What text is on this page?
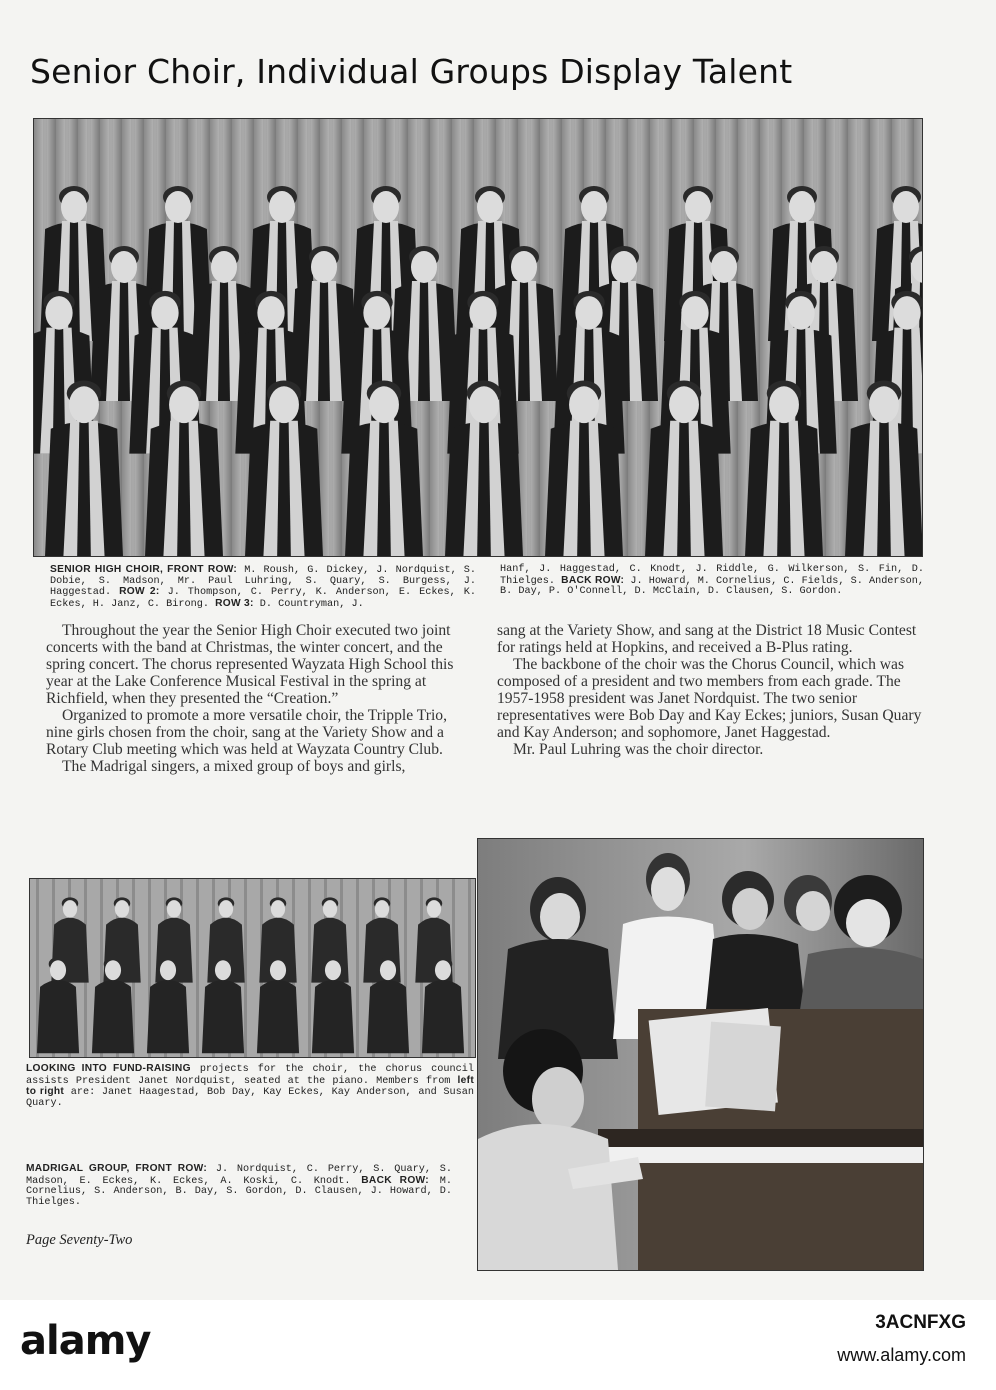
Senior Choir, Individual Groups Display Talent

SENIOR HIGH CHOIR, FRONT ROW: M. Roush, G. Dickey, J. Nordquist, S. Dobie, S. Madson, Mr. Paul Luhring, S. Quary, S. Burgess, J. Haggestad. ROW 2: J. Thompson, C. Perry, K. Anderson, E. Eckes, K. Eckes, H. Janz, C. Birong. ROW 3: D. Countryman, J.

Hanf, J. Haggestad, C. Knodt, J. Riddle, G. Wilkerson, S. Fin, D. Thielges. BACK ROW: J. Howard, M. Cornelius, C. Fields, S. Anderson, B. Day, P. O'Connell, D. McClain, D. Clausen, S. Gordon.

Throughout the year the Senior High Choir executed two joint concerts with the band at Christmas, the winter concert, and the spring concert. The chorus represented Wayzata High School this year at the Lake Conference Musical Festival in the spring at Richfield, when they presented the “Creation.”

Organized to promote a more versatile choir, the Tripple Trio, nine girls chosen from the choir, sang at the Variety Show and a Rotary Club meeting which was held at Wayzata Country Club.

The Madrigal singers, a mixed group of boys and girls,

sang at the Variety Show, and sang at the District 18 Music Contest for ratings held at Hopkins, and received a B-Plus rating.

The backbone of the choir was the Chorus Council, which was composed of a president and two members from each grade. The 1957-1958 president was Janet Nordquist. The two senior representatives were Bob Day and Kay Eckes; juniors, Susan Quary and Kay Anderson; and sophomore, Janet Haggestad.

Mr. Paul Luhring was the choir director.

LOOKING INTO FUND-RAISING projects for the choir, the chorus council assists President Janet Nordquist, seated at the piano. Members from left to right are: Janet Haagestad, Bob Day, Kay Eckes, Kay Anderson, and Susan Quary.

MADRIGAL GROUP, FRONT ROW: J. Nordquist, C. Perry, S. Quary, S. Madson, E. Eckes, K. Eckes, A. Koski, C. Knodt. BACK ROW: M. Cornelius, S. Anderson, B. Day, S. Gordon, D. Clausen, J. Howard, D. Thielges.

Page Seventy-Two
alamy	3ACNFXG
www.alamy.com
